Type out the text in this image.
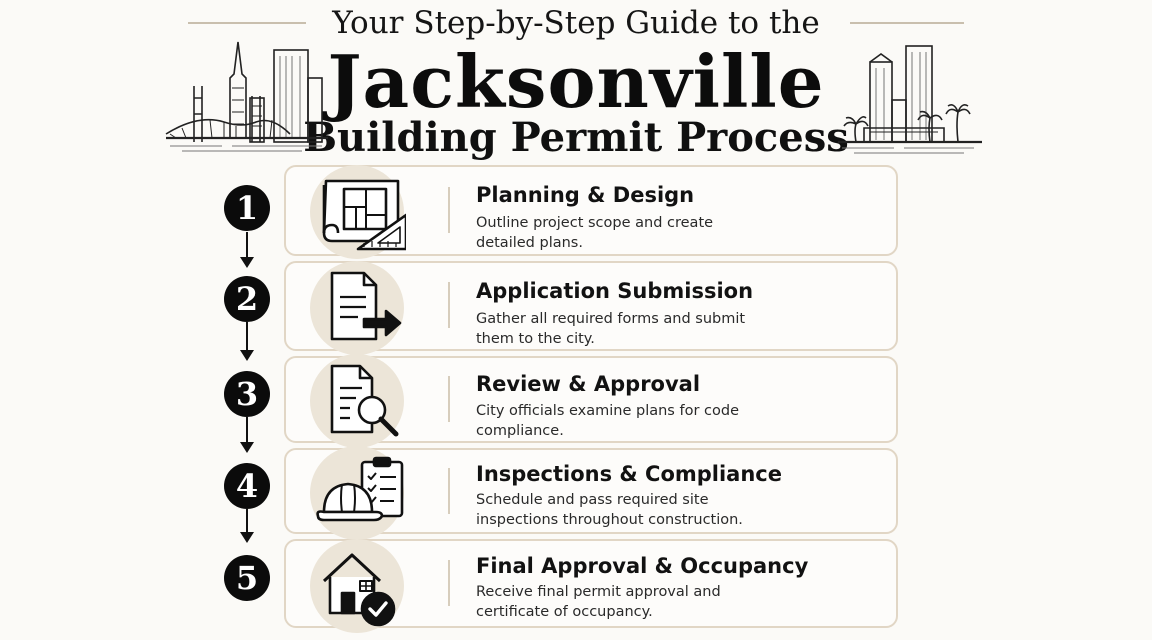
Your Step-by-Step Guide to the
Jacksonville
Building Permit Process
1
2
3
4
5
Planning & Design
Outline project scope and create detailed plans.
Application Submission
Gather all required forms and submit them to the city.
Review & Approval
City officials examine plans for code compliance.
Inspections & Compliance
Schedule and pass required site inspections throughout construction.
Final Approval & Occupancy
Receive final permit approval and certificate of occupancy.
